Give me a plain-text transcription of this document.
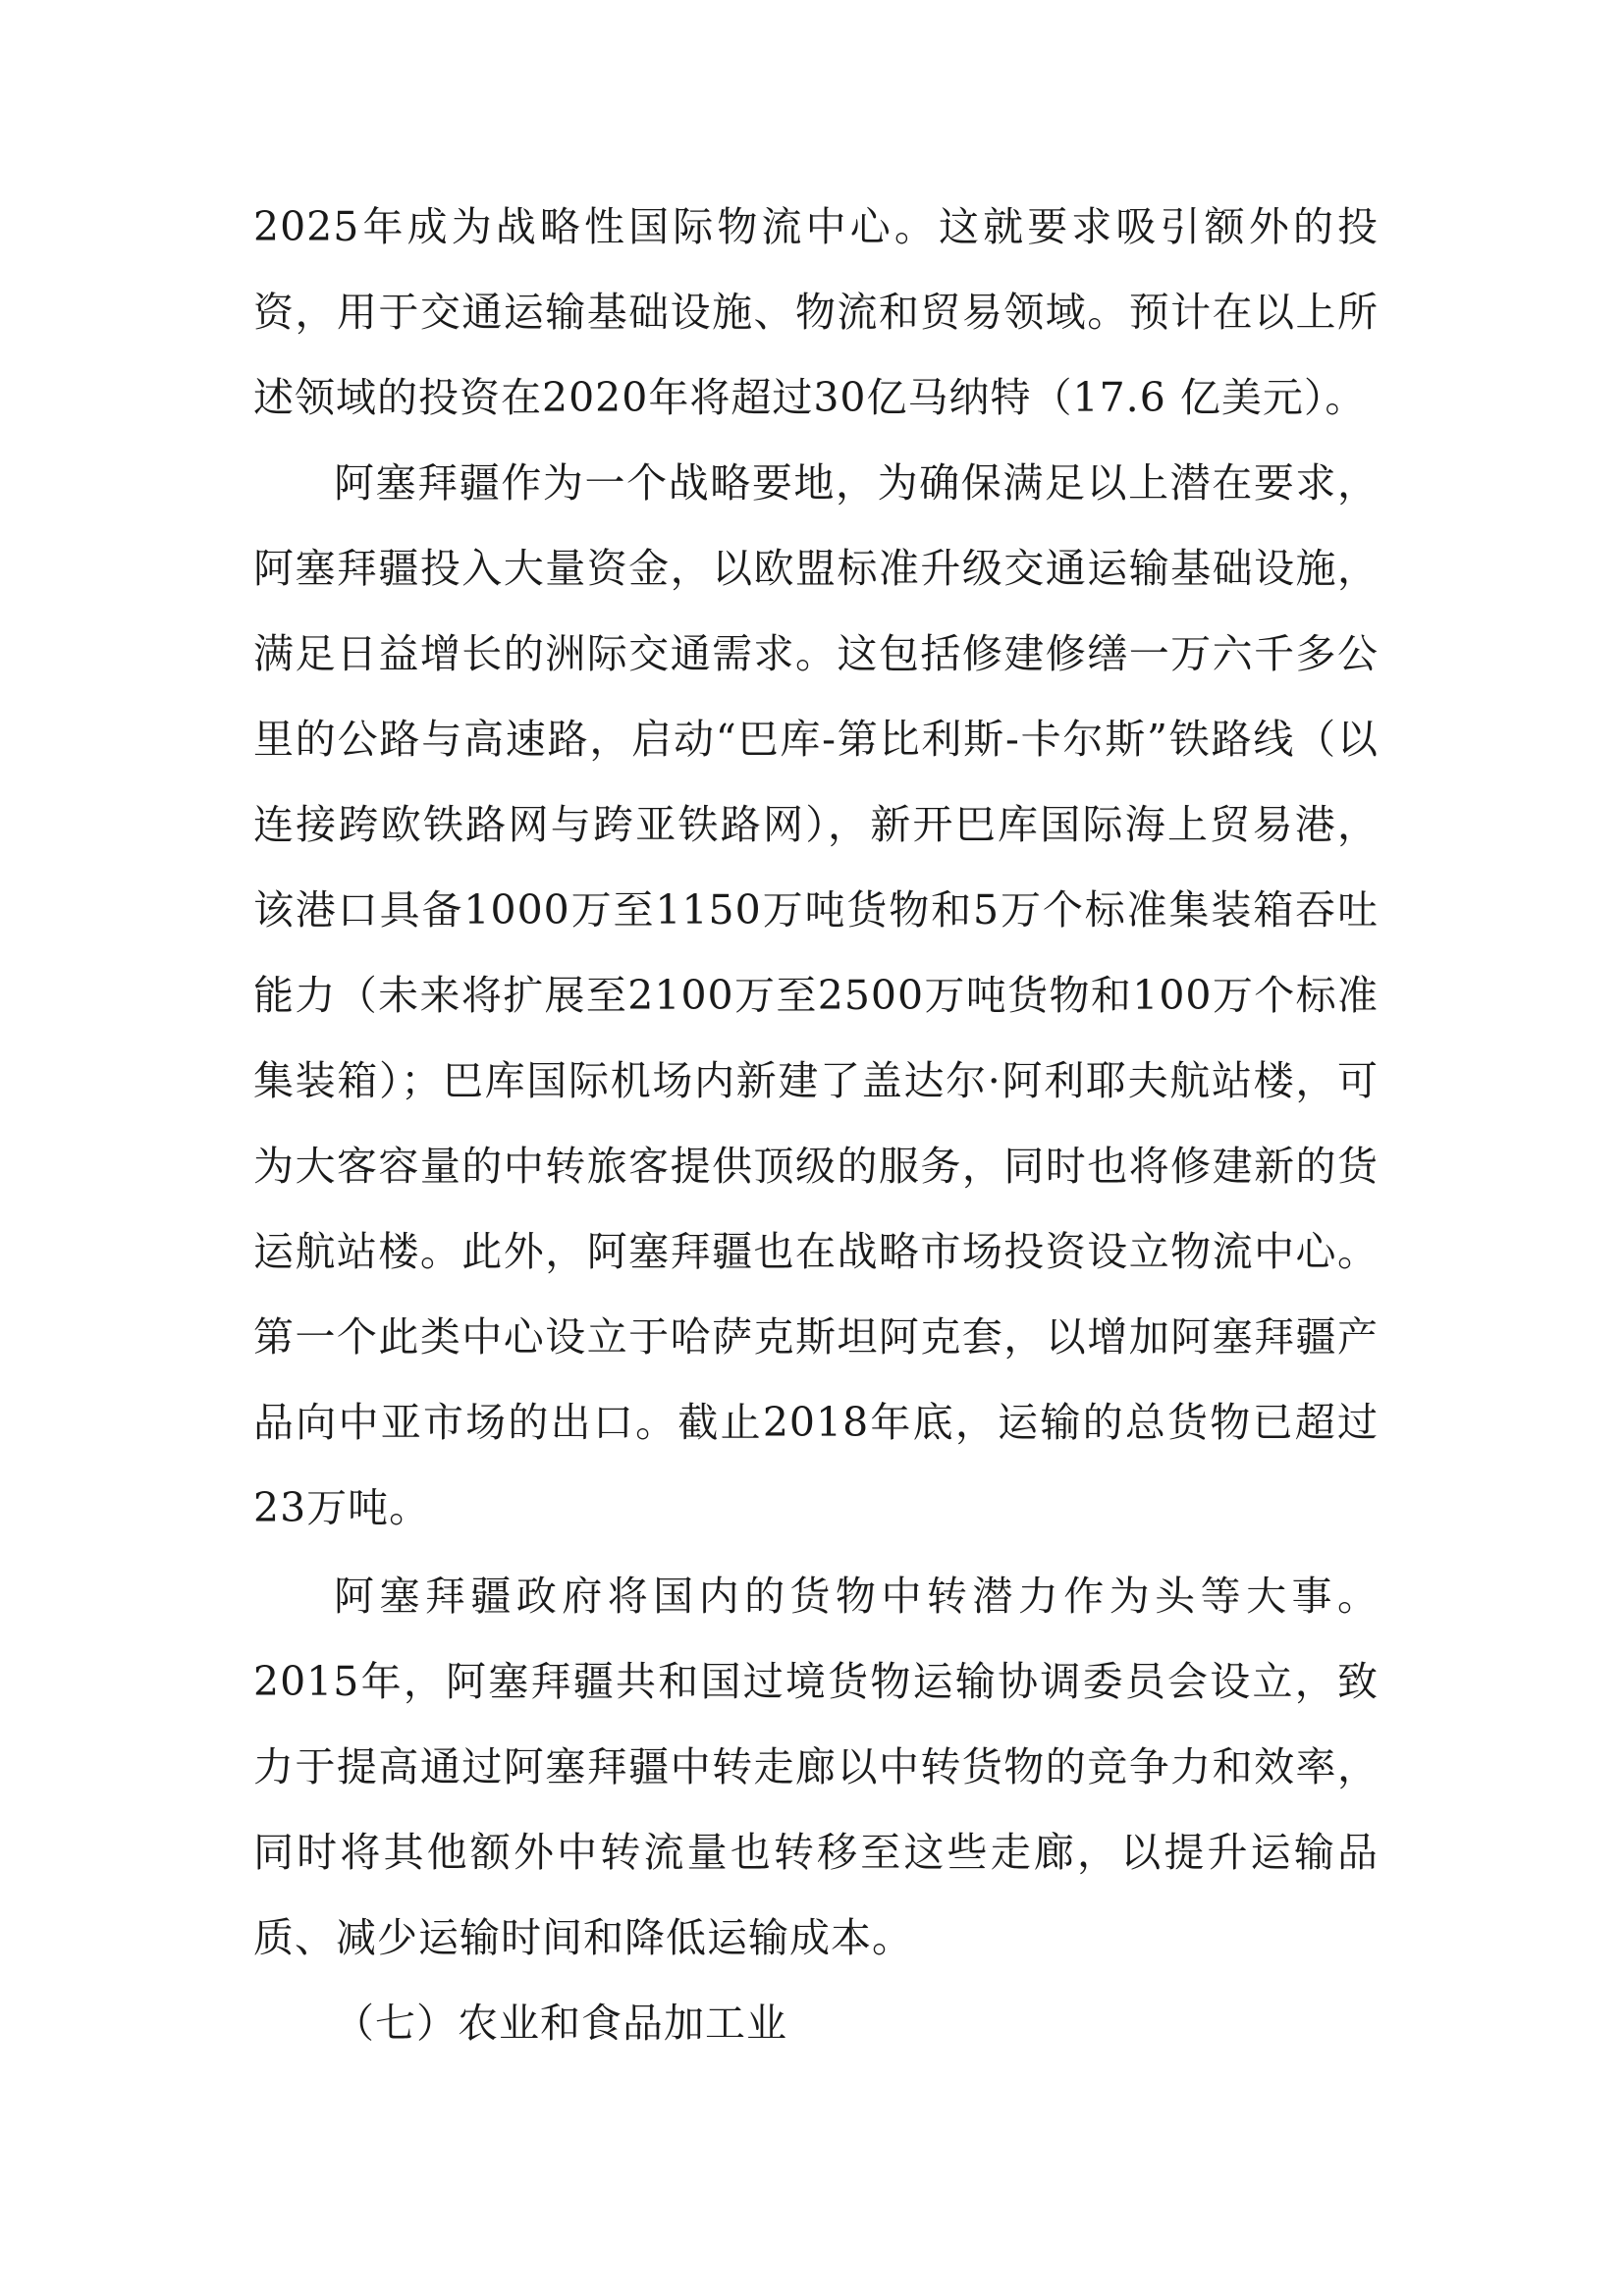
2025年成为战略性国际物流中心。这就要求吸引额外的投资，用于交通运输基础设施、物流和贸易领域。预计在以上所述领域的投资在2020年将超过30亿马纳特（17.6 亿美元）。

阿塞拜疆作为一个战略要地，为确保满足以上潜在要求，阿塞拜疆投入大量资金，以欧盟标准升级交通运输基础设施，满足日益增长的洲际交通需求。这包括修建修缮一万六千多公里的公路与高速路，启动“巴库-第比利斯-卡尔斯”铁路线（以连接跨欧铁路网与跨亚铁路网），新开巴库国际海上贸易港，该港口具备1000万至1150万吨货物和5万个标准集装箱吞吐能力（未来将扩展至2100万至2500万吨货物和100万个标准集装箱）；巴库国际机场内新建了盖达尔·阿利耶夫航站楼，可为大客容量的中转旅客提供顶级的服务，同时也将修建新的货运航站楼。此外，阿塞拜疆也在战略市场投资设立物流中心。第一个此类中心设立于哈萨克斯坦阿克套，以增加阿塞拜疆产品向中亚市场的出口。截止2018年底，运输的总货物已超过23万吨。

阿塞拜疆政府将国内的货物中转潜力作为头等大事。2015年，阿塞拜疆共和国过境货物运输协调委员会设立，致力于提高通过阿塞拜疆中转走廊以中转货物的竞争力和效率，同时将其他额外中转流量也转移至这些走廊，以提升运输品质、减少运输时间和降低运输成本。

（七）农业和食品加工业
